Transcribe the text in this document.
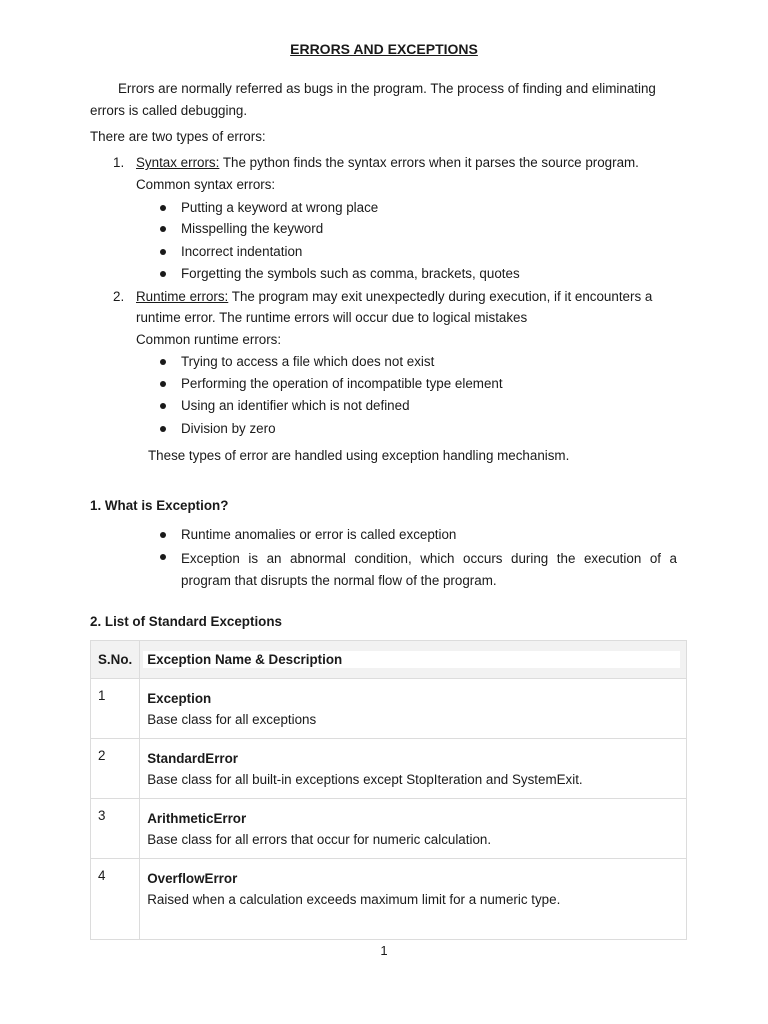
ERRORS AND EXCEPTIONS
Errors are normally referred as bugs in the program. The process of finding and eliminating
errors is called debugging.
There are two types of errors:
1. Syntax errors: The python finds the syntax errors when it parses the source program.
Common syntax errors:
Putting a keyword at wrong place
Misspelling the keyword
Incorrect indentation
Forgetting the symbols such as comma, brackets, quotes
2. Runtime errors: The program may exit unexpectedly during execution, if it encounters a
runtime error. The runtime errors will occur due to logical mistakes
Common runtime errors:
Trying to access a file which does not exist
Performing the operation of incompatible type element
Using an identifier which is not defined
Division by zero
These types of error are handled using exception handling mechanism.
1. What is Exception?
Runtime anomalies or error is called exception
Exception is an abnormal condition, which occurs during the execution of a program that disrupts the normal flow of the program.
2. List of Standard Exceptions
S.No.	Exception Name & Description

1	Exception
Base class for all exceptions

2	StandardError
Base class for all built-in exceptions except StopIteration and SystemExit.

3	ArithmeticError
Base class for all errors that occur for numeric calculation.

4	OverflowError
Raised when a calculation exceeds maximum limit for a numeric type.
1
